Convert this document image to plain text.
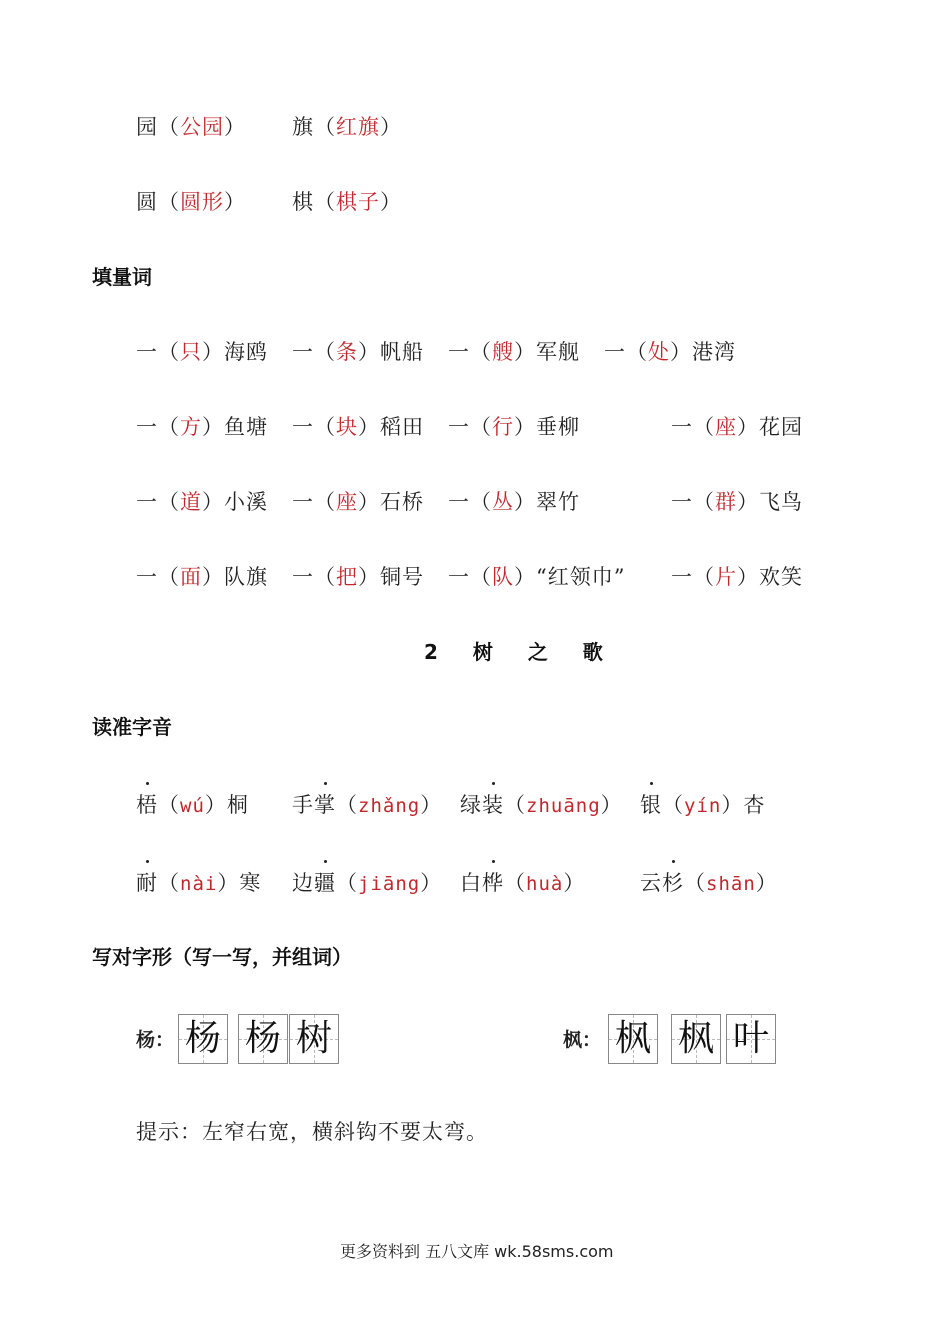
园（公园） 旗（红旗）
圆（圆形） 棋（棋子）
填量词
一（只）海鸥 一（条）帆船 一（艘）军舰 一（处）港湾
一（方）鱼塘 一（块）稻田 一（行）垂柳	一（座）花园
一（道）小溪 一（座）石桥 一（丛）翠竹	一（群）飞鸟
一（面）队旗 一（把）铜号 一（队）“红领巾” 一（片）欢笑
2 树 之 歌
读准字音
梧（wú）桐 手掌（zhǎng） 绿装（zhuāng） 银（yín）杏
耐（nài）寒 边疆（jiāng） 白桦（huà）	云杉（shān）
写对字形（写一写，并组词）
杨： 杨 杨 树	枫： 枫 枫 叶
提示：左窄右宽，横斜钩不要太弯。
更多资料到 五八文库 wk.58sms.com
